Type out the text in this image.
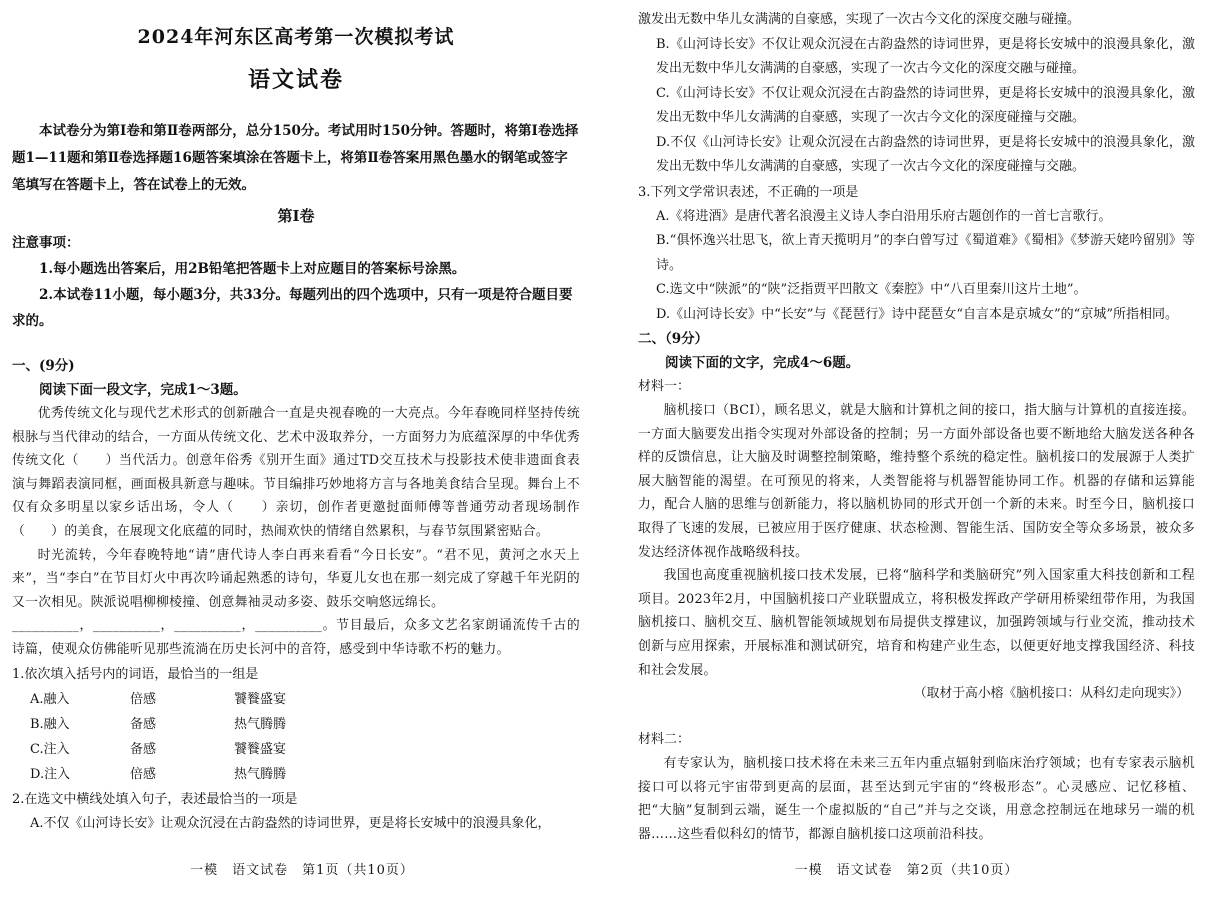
2024年河东区高考第一次模拟考试
语文试卷

本试卷分为第Ⅰ卷和第Ⅱ卷两部分，总分150分。考试用时150分钟。答题时，将第Ⅰ卷选择题1—11题和第Ⅱ卷选择题16题答案填涂在答题卡上，将第Ⅱ卷答案用黑色墨水的钢笔或签字笔填写在答题卡上，答在试卷上的无效。

第Ⅰ卷

注意事项：

1.每小题选出答案后，用2B铅笔把答题卡上对应题目的答案标号涂黑。

2.本试卷11小题，每小题3分，共33分。每题列出的四个选项中，只有一项是符合题目要求的。

一、(9分)

阅读下面一段文字，完成1～3题。

优秀传统文化与现代艺术形式的创新融合一直是央视春晚的一大亮点。今年春晚同样坚持传统根脉与当代律动的结合，一方面从传统文化、艺术中汲取养分，一方面努力为底蕴深厚的中华优秀传统文化（　　）当代活力。创意年俗秀《别开生面》通过TD交互技术与投影技术使非遗面食表演与舞蹈表演同框，画面极具新意与趣味。节目编排巧妙地将方言与各地美食结合呈现。舞台上不仅有众多明星以家乡话出场，令人（　　）亲切，创作者更邀挝面师傅等普通劳动者现场制作（　　）的美食，在展现文化底蕴的同时，热闹欢快的情绪自然累积，与春节氛围紧密贴合。

时光流转，今年春晚特地“请”唐代诗人李白再来看看“今日长安”。“君不见，黄河之水天上来”，当“李白”在节目灯火中再次吟诵起熟悉的诗句，华夏儿女也在那一刻完成了穿越千年光阴的又一次相见。陕派说唱柳柳棱撞、创意舞袖灵动多姿、鼓乐交响悠远绵长。

__________，__________，__________，__________。节目最后，众多文艺名家朗诵流传千古的诗篇，使观众仿佛能听见那些流淌在历史长河中的音符，感受到中华诗歌不朽的魅力。

1.依次填入括号内的词语，最恰当的一组是

A.融入	倍感	饕餮盛宴
B.融入	备感	热气腾腾
C.注入	备感	饕餮盛宴
D.注入	倍感	热气腾腾

2.在选文中横线处填入句子，表述最恰当的一项是

A.不仅《山河诗长安》让观众沉浸在古韵盎然的诗词世界，更是将长安城中的浪漫具象化，

一模　语文试卷　第1页（共10页）

激发出无数中华儿女满满的自豪感，实现了一次古今文化的深度交融与碰撞。

B.《山河诗长安》不仅让观众沉浸在古韵盎然的诗词世界，更是将长安城中的浪漫具象化，激发出无数中华儿女满满的自豪感，实现了一次古今文化的深度交融与碰撞。

C.《山河诗长安》不仅让观众沉浸在古韵盎然的诗词世界，更是将长安城中的浪漫具象化，激发出无数中华儿女满满的自豪感，实现了一次古今文化的深度碰撞与交融。

D.不仅《山河诗长安》让观众沉浸在古韵盎然的诗词世界，更是将长安城中的浪漫具象化，激发出无数中华儿女满满的自豪感，实现了一次古今文化的深度碰撞与交融。

3.下列文学常识表述，不正确的一项是

A.《将进酒》是唐代著名浪漫主义诗人李白沿用乐府古题创作的一首七言歌行。

B.“俱怀逸兴壮思飞，欲上青天揽明月”的李白曾写过《蜀道难》《蜀相》《梦游天姥吟留别》等诗。

C.选文中“陕派”的“陕”泛指贾平凹散文《秦腔》中“八百里秦川这片土地”。

D.《山河诗长安》中“长安”与《琵琶行》诗中琵琶女“自言本是京城女”的“京城”所指相同。

二、（9分）

阅读下面的文字，完成4～6题。

材料一：

脑机接口（BCI），顾名思义，就是大脑和计算机之间的接口，指大脑与计算机的直接连接。一方面大脑要发出指令实现对外部设备的控制；另一方面外部设备也要不断地给大脑发送各种各样的反馈信息，让大脑及时调整控制策略，维持整个系统的稳定性。脑机接口的发展源于人类扩展大脑智能的渴望。在可预见的将来，人类智能将与机器智能协同工作。机器的存储和运算能力，配合人脑的思维与创新能力，将以脑机协同的形式开创一个新的未来。时至今日，脑机接口取得了飞速的发展，已被应用于医疗健康、状态检测、智能生活、国防安全等众多场景，被众多发达经济体视作战略级科技。

我国也高度重视脑机接口技术发展，已将“脑科学和类脑研究”列入国家重大科技创新和工程项目。2023年2月，中国脑机接口产业联盟成立，将积极发挥政产学研用桥梁纽带作用，为我国脑机接口、脑机交互、脑机智能领域规划布局提供支撑建议，加强跨领域与行业交流，推动技术创新与应用探索，开展标准和测试研究，培育和构建产业生态，以便更好地支撑我国经济、科技和社会发展。

（取材于高小榕《脑机接口：从科幻走向现实》）

材料二：

有专家认为，脑机接口技术将在未来三五年内重点辐射到临床治疗领域；也有专家表示脑机接口可以将元宇宙带到更高的层面，甚至达到元宇宙的“终极形态”。心灵感应、记忆移植、把“大脑”复制到云端，诞生一个虚拟版的“自己”并与之交谈，用意念控制远在地球另一端的机器……这些看似科幻的情节，都源自脑机接口这项前沿科技。

一模　语文试卷　第2页（共10页）
